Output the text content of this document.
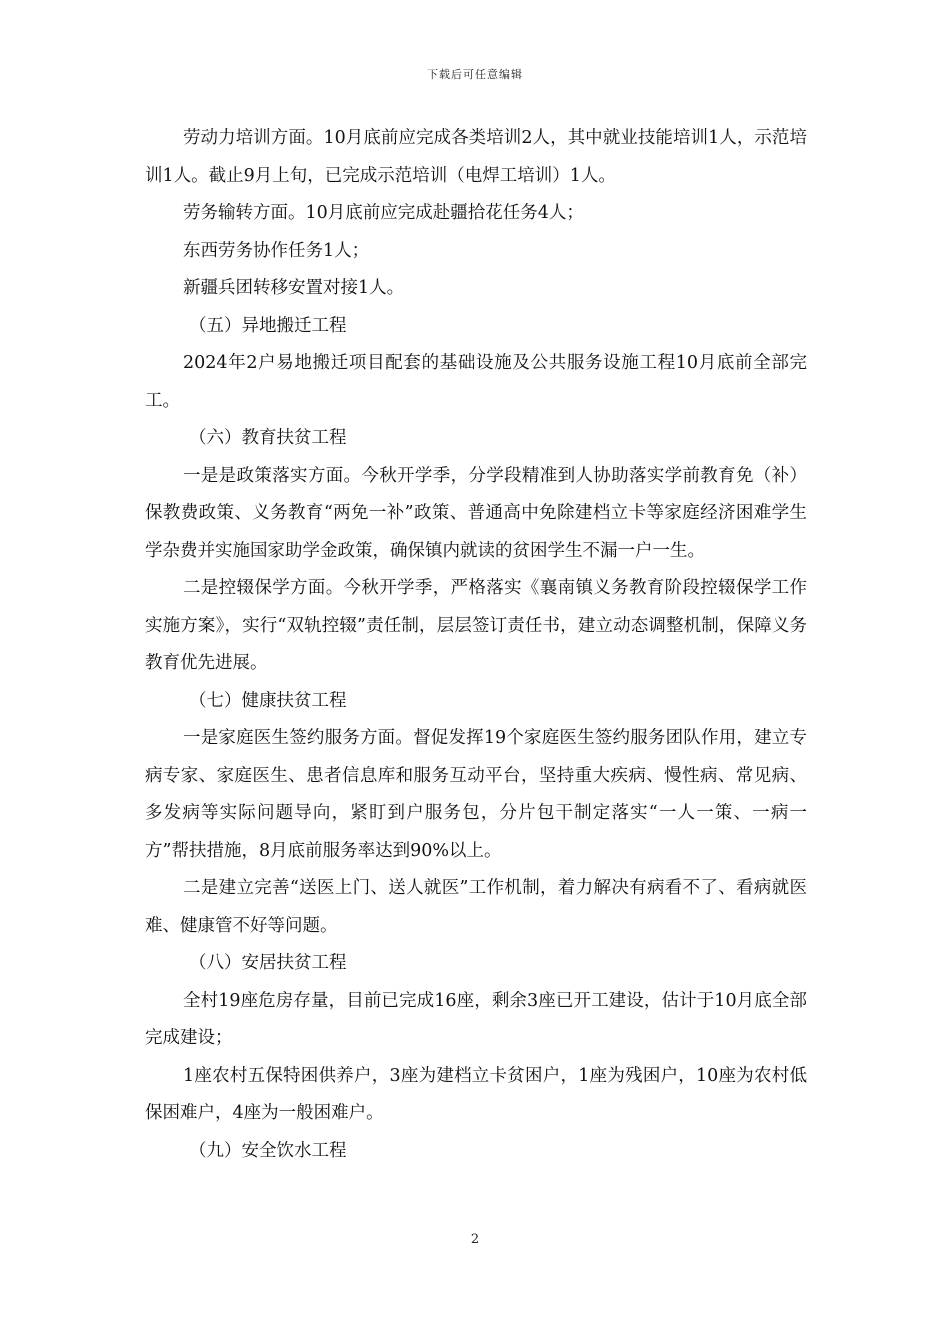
下载后可任意编辑

劳动力培训方面。10月底前应完成各类培训2人，其中就业技能培训1人，示范培训1人。截止9月上旬，已完成示范培训（电焊工培训）1人。

劳务输转方面。10月底前应完成赴疆拾花任务4人；

东西劳务协作任务1人；

新疆兵团转移安置对接1人。

（五）异地搬迁工程

2024年2户易地搬迁项目配套的基础设施及公共服务设施工程10月底前全部完工。

（六）教育扶贫工程

一是是政策落实方面。今秋开学季，分学段精准到人协助落实学前教育免（补）保教费政策、义务教育“两免一补”政策、普通高中免除建档立卡等家庭经济困难学生学杂费并实施国家助学金政策，确保镇内就读的贫困学生不漏一户一生。

二是控辍保学方面。今秋开学季，严格落实《襄南镇义务教育阶段控辍保学工作实施方案》，实行“双轨控辍”责任制，层层签订责任书，建立动态调整机制，保障义务教育优先进展。

（七）健康扶贫工程

一是家庭医生签约服务方面。督促发挥19个家庭医生签约服务团队作用，建立专病专家、家庭医生、患者信息库和服务互动平台，坚持重大疾病、慢性病、常见病、多发病等实际问题导向，紧盯到户服务包，分片包干制定落实“一人一策、一病一方”帮扶措施，8月底前服务率达到90%以上。

二是建立完善“送医上门、送人就医”工作机制，着力解决有病看不了、看病就医难、健康管不好等问题。

（八）安居扶贫工程

全村19座危房存量，目前已完成16座，剩余3座已开工建设，估计于10月底全部完成建设；

1座农村五保特困供养户，3座为建档立卡贫困户，1座为残困户，10座为农村低保困难户，4座为一般困难户。

（九）安全饮水工程

2
